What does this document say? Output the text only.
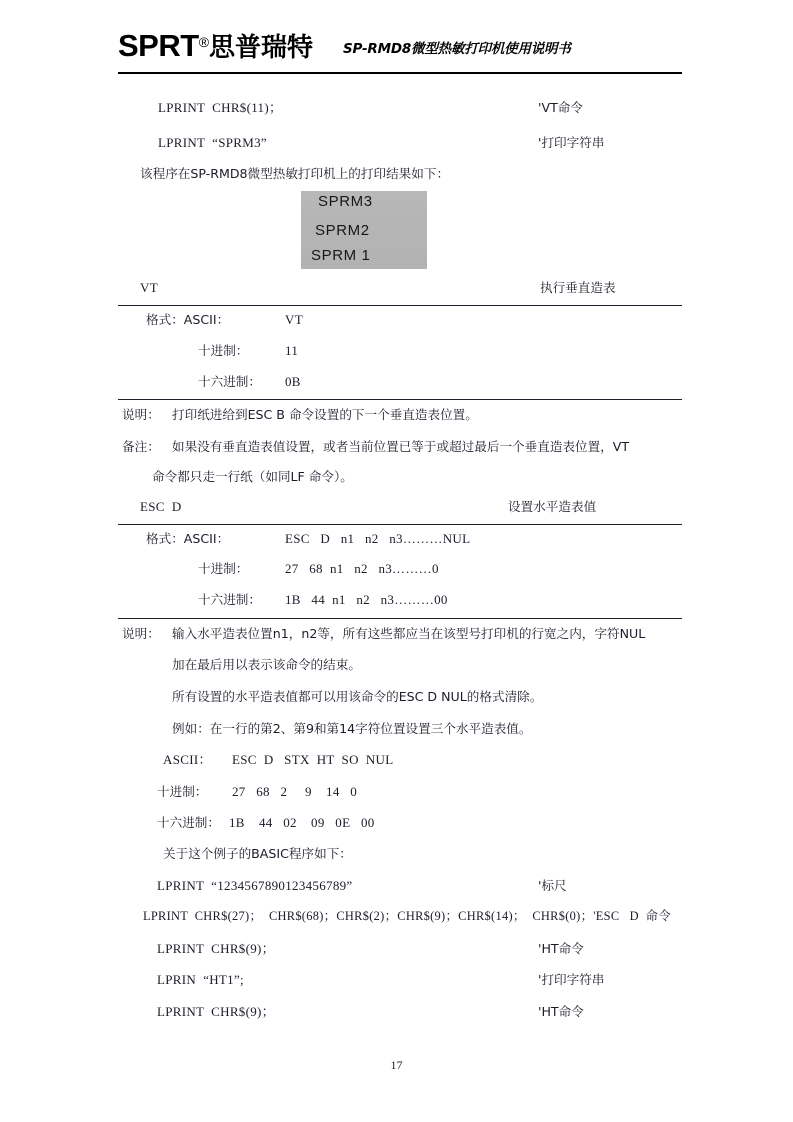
SPRT ® 思普瑞特 SP-RMD8微型热敏打印机使用说明书
LPRINT  CHR$(11)；	'VT命令
LPRINT  “SPRM3”	'打印字符串
该程序在SP-RMD8微型热敏打印机上的打印结果如下：
SPRM3
SPRM2
SPRM 1
VT	执行垂直造表
格式：ASCII：	VT
十进制：	11
十六进制： 0B
说明： 打印纸进给到ESC B 命令设置的下一个垂直造表位置。
备注： 如果没有垂直造表值设置，或者当前位置已等于或超过最后一个垂直造表位置，VT
命令都只走一行纸（如同LF 命令）。
ESC  D	设置水平造表值
格式：ASCII：	ESC   D   n1   n2   n3………NUL
十进制：	27   68  n1   n2   n3………0
十六进制： 1B   44  n1   n2   n3………00
说明： 输入水平造表位置n1，n2等，所有这些都应当在该型号打印机的行宽之内，字符NUL
加在最后用以表示该命令的结束。
所有设置的水平造表值都可以用该命令的ESC D NUL的格式清除。
例如：在一行的第2、第9和第14字符位置设置三个水平造表值。
ASCII： ESC  D   STX  HT  SO  NUL
十进制： 27   68   2     9    14   0
十六进制： 1B    44   02    09   0E   00
关于这个例子的BASIC程序如下：
LPRINT  “1234567890123456789”	'标尺
LPRINT  CHR$(27)；  CHR$(68)；CHR$(2)；CHR$(9)；CHR$(14)；  CHR$(0)；'ESC   D  命令
LPRINT  CHR$(9)；	'HT命令
LPRIN  “HT1”;	'打印字符串
LPRINT  CHR$(9)；	'HT命令
17
